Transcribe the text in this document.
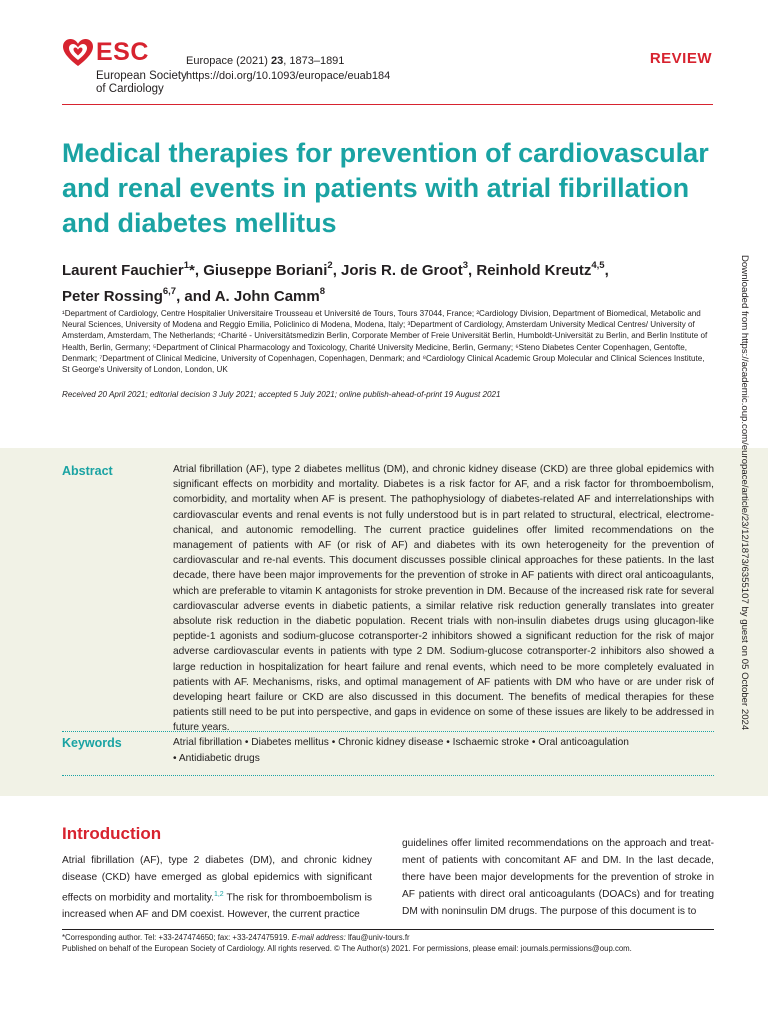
ESC
European Society
of Cardiology
Europace (2021) 23, 1873–1891
https://doi.org/10.1093/europace/euab184
REVIEW
Medical therapies for prevention of cardiovascular and renal events in patients with atrial fibrillation and diabetes mellitus
Laurent Fauchier$^1$*, Giuseppe Boriani$^2$, Joris R. de Groot$^3$, Reinhold Kreutz$^{4,5}$,
Peter Rossing$^{6,7}$, and A. John Camm$^8$
¹Department of Cardiology, Centre Hospitalier Universitaire Trousseau et Université de Tours, Tours 37044, France; ²Cardiology Division, Department of Biomedical, Metabolic and Neural Sciences, University of Modena and Reggio Emilia, Policlinico di Modena, Modena, Italy; ³Department of Cardiology, Amsterdam University Medical Centres/ University of Amsterdam, Amsterdam, The Netherlands; ⁴Charité - Universitätsmedizin Berlin, Corporate Member of Freie Universität Berlin, Humboldt-Universität zu Berlin, and Berlin Institute of Health, Berlin, Germany; ⁵Department of Clinical Pharmacology and Toxicology, Charité University Medicine, Berlin, Germany; ⁶Steno Diabetes Center Copenhagen, Gentofte, Denmark; ⁷Department of Clinical Medicine, University of Copenhagen, Copenhagen, Denmark; and ⁸Cardiology Clinical Academic Group Molecular and Clinical Sciences Institute, St George's University of London, London, UK
Received 20 April 2021; editorial decision 3 July 2021; accepted 5 July 2021; online publish-ahead-of-print 19 August 2021
Abstract	Atrial fibrillation (AF), type 2 diabetes mellitus (DM), and chronic kidney disease (CKD) are three global epidemics with significant effects on morbidity and mortality. Diabetes is a risk factor for AF, and a risk factor for thromboembolism, comorbidity, and mortality when AF is present. The pathophysiology of diabetes-related AF and interrelationships with cardiovascular events and renal events is not fully understood but is in part related to structural, electrical, electrome-chanical, and autonomic remodelling. The current practice guidelines offer limited recommendations on the management of patients with AF (or risk of AF) and diabetes with its own heterogeneity for the prevention of cardiovascular and re-nal events. This document discusses possible clinical approaches for these patients. In the last decade, there have been major improvements for the prevention of stroke in AF patients with direct oral anticoagulants, which are preferable to vitamin K antagonists for stroke prevention in DM. Because of the increased risk rate for several cardiovascular adverse events in diabetic patients, a similar relative risk reduction generally translates into greater absolute risk reduction in the diabetic population. Recent trials with non-insulin diabetes drugs using glucagon-like peptide-1 agonists and sodium-glucose cotransporter-2 inhibitors showed a significant reduction for the risk of major adverse cardiovascular events in patients with type 2 DM. Sodium-glucose cotransporter-2 inhibitors also showed a large reduction in hospitalization for heart failure and renal events, which need to be more completely evaluated in patients with AF. Mechanisms, risks, and optimal management of AF patients with DM who have or are under risk of developing heart failure or CKD are also discussed in this document. The benefits of medical therapies for these patients still need to be put into perspective, and gaps in evidence on some of these issues are likely to be addressed in future years.
Keywords	Atrial fibrillation • Diabetes mellitus • Chronic kidney disease • Ischaemic stroke • Oral anticoagulation • Antidiabetic drugs
Introduction
Atrial fibrillation (AF), type 2 diabetes (DM), and chronic kidney disease (CKD) have emerged as global epidemics with significant effects on morbidity and mortality.$^{1,2}$ The risk for thromboembolism is increased when AF and DM coexist. However, the current practice
guidelines offer limited recommendations on the approach and treat-ment of patients with concomitant AF and DM. In the last decade, there have been major developments for the prevention of stroke in AF patients with direct oral anticoagulants (DOACs) and for treating DM with noninsulin DM drugs. The purpose of this document is to
*Corresponding author. Tel: +33-247474650; fax: +33-247475919. E-mail address: lfau@univ-tours.fr
Published on behalf of the European Society of Cardiology. All rights reserved. © The Author(s) 2021. For permissions, please email: journals.permissions@oup.com.
Downloaded from https://academic.oup.com/europace/article/23/12/1873/6355107 by guest on 05 October 2024
